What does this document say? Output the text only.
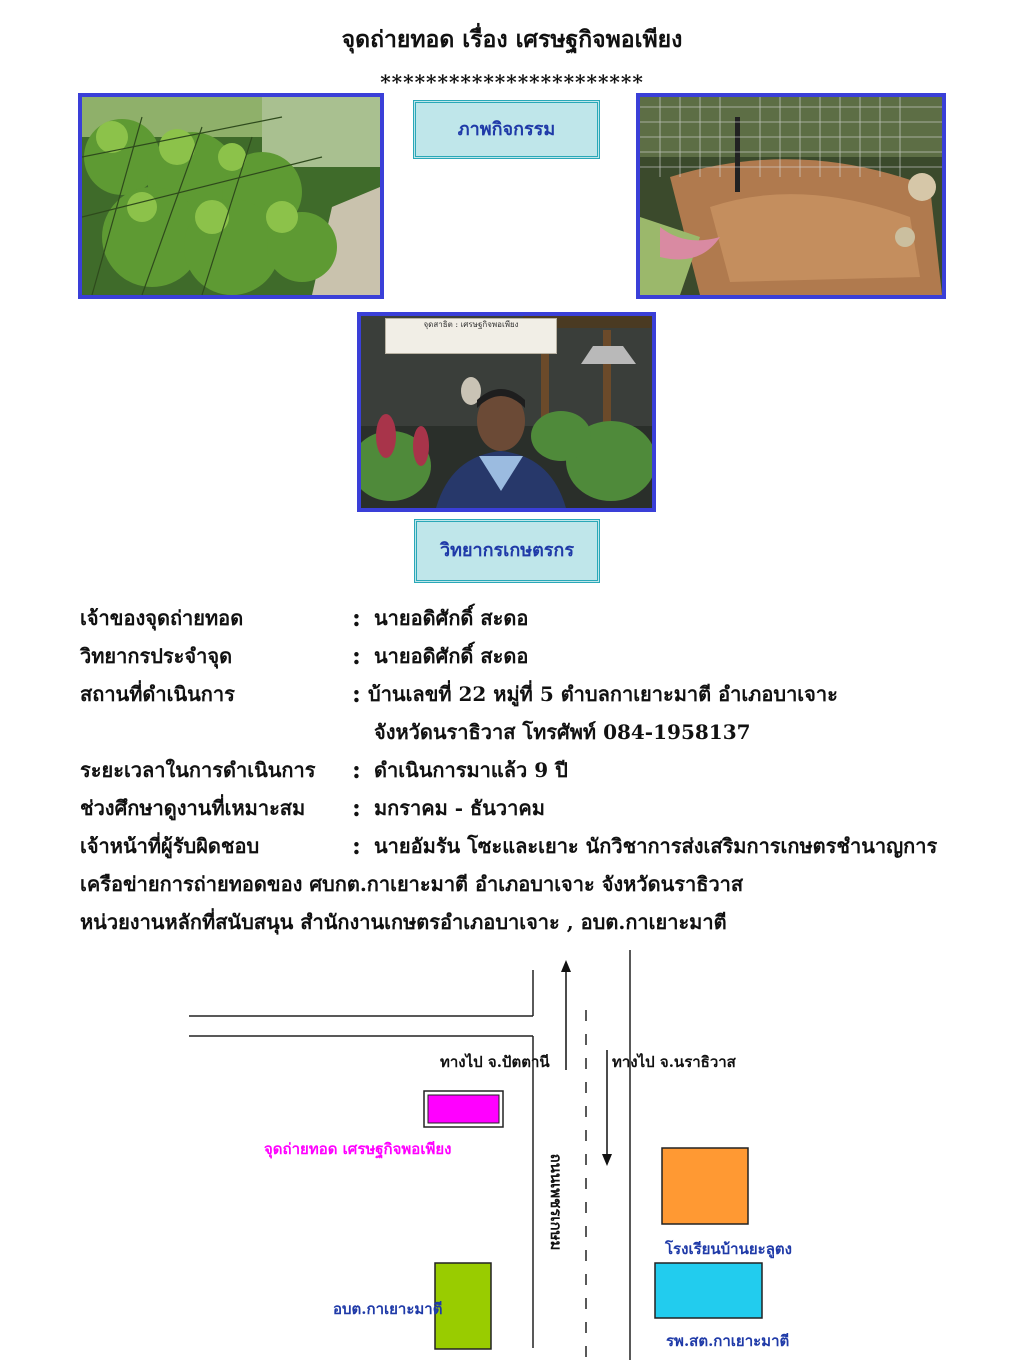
จุดถ่ายทอด เรื่อง เศรษฐกิจพอเพียง
***********************
ภาพกิจกรรม
จุดสาธิต : เศรษฐกิจพอเพียง
วิทยากรเกษตรกร
เจ้าของจุดถ่ายทอด	: นายอดิศักดิ์ สะดอ
วิทยากรประจำจุด	: นายอดิศักดิ์ สะดอ
สถานที่ดำเนินการ	: บ้านเลขที่ 22 หมู่ที่ 5 ตำบลกาเยาะมาตี อำเภอบาเจาะ
จังหวัดนราธิวาส โทรศัพท์ 084-1958137
ระยะเวลาในการดำเนินการ : ดำเนินการมาแล้ว 9 ปี
ช่วงศึกษาดูงานที่เหมาะสม : มกราคม - ธันวาคม
เจ้าหน้าที่ผู้รับผิดชอบ	: นายอัมรัน โซะและเยาะ นักวิชาการส่งเสริมการเกษตรชำนาญการ
เครือข่ายการถ่ายทอดของ ศบกต.กาเยาะมาตี อำเภอบาเจาะ จังหวัดนราธิวาส
หน่วยงานหลักที่สนับสนุน สำนักงานเกษตรอำเภอบาเจาะ , อบต.กาเยาะมาตี
ทางไป จ.ปัตตานี	ทางไป จ.นราธิวาส
จุดถ่ายทอด เศรษฐกิจพอเพียง
ถนนเพชรเกษม	โรงเรียนบ้านยะลูตง
อบต.กาเยาะมาตี
รพ.สต.กาเยาะมาตี
